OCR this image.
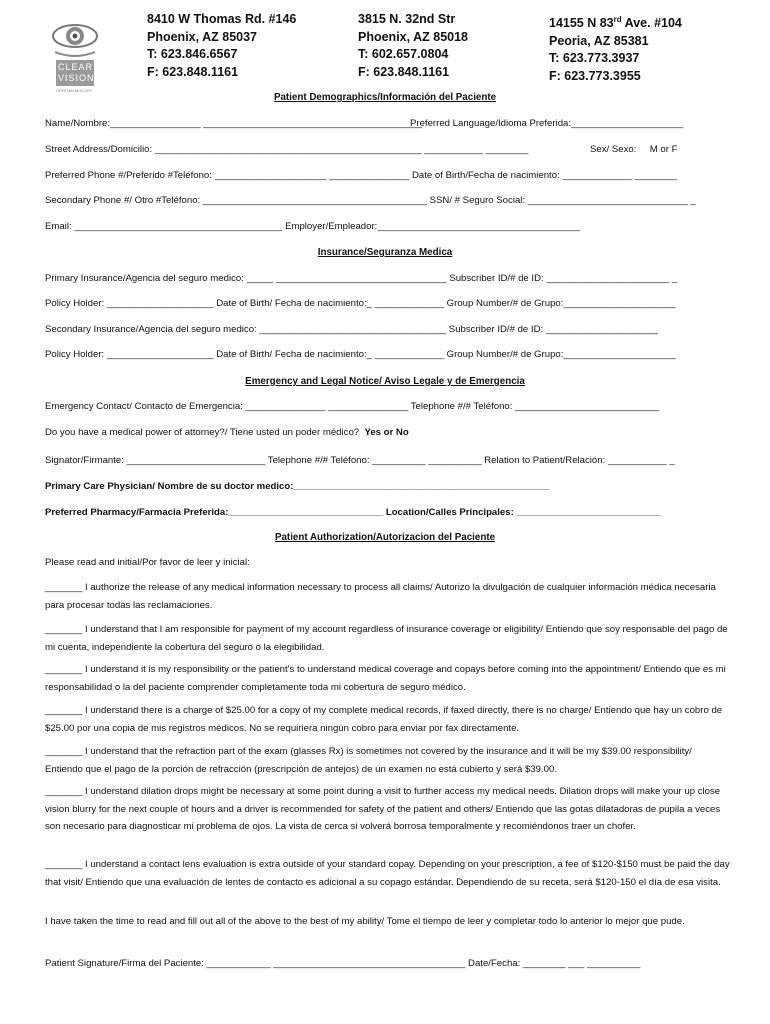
CLEAR
VISION
OPHTHALMOLOGY
8410 W Thomas Rd. #146
Phoenix, AZ 85037
T: 623.846.6567
F: 623.848.1161
3815 N. 32nd Str
Phoenix, AZ 85018
T: 602.657.0804
F: 623.848.1161
14155 N 83rd Ave. #104
Peoria, AZ 85381
T: 623.773.3937
F: 623.773.3955
Patient Demographics/Información del Paciente
Name/Nombre:_________________ _________________________________________
Preferred Language/Idioma Preferida:_____________________
Street Address/Domicilio: __________________________________________________ ___________ ________	Sex/ Sexo:     M or F
Preferred Phone #/Preferido #Teléfono: _____________________ _______________ Date of Birth/Fecha de nacimiento: _____________ ________
Secondary Phone #/ Otro #Teléfono: __________________________________________ SSN/ # Seguro Social: ______________________________ _
Email: _______________________________________ Employer/Empleador:______________________________________
Insurance/Seguranza Medica
Primary Insurance/Agencia del seguro medico: _____ ________________________________ Subscriber ID/# de ID: _______________________ _
Policy Holder: ____________________ Date of Birth/ Fecha de nacimiento:_ _____________ Group Number/# de Grupo:_____________________
Secondary Insurance/Agencia del seguro medico: ___________________________________ Subscriber ID/# de ID: _____________________
Policy Holder: ____________________ Date of Birth/ Fecha de nacimiento:_ _____________ Group Number/# de Grupo:_____________________
Emergency and Legal Notice/ Aviso Legale y de Emergencia
Emergency Contact/ Contacto de Emergencia: _______________ _______________ Telephone #/# Teléfono: ___________________________
Do you have a medical power of attorney?/ Tiene usted un poder médico? Yes or No
Signator/Firmante: __________________________ Telephone #/# Teléfono: __________ __________ Relation to Patient/Relación: ___________ _
Primary Care Physician/ Nombre de su doctor medico:________________________________________________
Preferred Pharmacy/Farmacia Preferida:_____________________________ Location/Calles Principales: ___________________________
Patient Authorization/Autorizacion del Paciente
Please read and initial/Por favor de leer y inicial:
_______ I authorize the release of any medical information necessary to process all claims/ Autorizo la divulgación de cualquier información médica necesaria para procesar todas las reclamaciones.
_______ I understand that I am responsible for payment of my account regardless of insurance coverage or eligibility/ Entiendo que soy responsable del pago de mi cuenta, independiente la cobertura del seguro o la elegibilidad.
_______ I understand it is my responsibility or the patient's to understand medical coverage and copays before coming into the appointment/ Entiendo que es mi responsabilidad o la del paciente comprender completamente toda mi cobertura de seguro médico.
_______ I understand there is a charge of $25.00 for a copy of my complete medical records, if faxed directly, there is no charge/ Entiendo que hay un cobro de $25.00 por una copia de mis registros médicos. No se requiriera ningún cobro para enviar por fax directamente.
_______ I understand that the refraction part of the exam (glasses Rx) is sometimes not covered by the insurance and it will be my $39.00 responsibility/ Entiendo que el pago de la porción de refracción (prescripción de antejos) de un examen no está cubierto y será $39.00.
_______ I understand dilation drops might be necessary at some point during a visit to further access my medical needs. Dilation drops will make your up close vision blurry for the next couple of hours and a driver is recommended for safety of the patient and others/ Entiendo que las gotas dilatadoras de pupila a veces son necesario para diagnosticar mi problema de ojos. La vista de cerca si volverá borrosa temporalmente y recomiéndonos traer un chofer.
_______ I understand a contact lens evaluation is extra outside of your standard copay. Depending on your prescription, a fee of $120-$150 must be paid the day that visit/ Entiendo que una evaluación de lentes de contacto es adicional a su copago estándar. Dependiendo de su receta, será $120-150 el día de esa visita.
I have taken the time to read and fill out all of the above to the best of my ability/ Tome el tiempo de leer y completar todo lo anterior lo mejor que pude.
Patient Signature/Firma del Paciente: ____________ ____________________________________ Date/Fecha: ________ ___ __________
